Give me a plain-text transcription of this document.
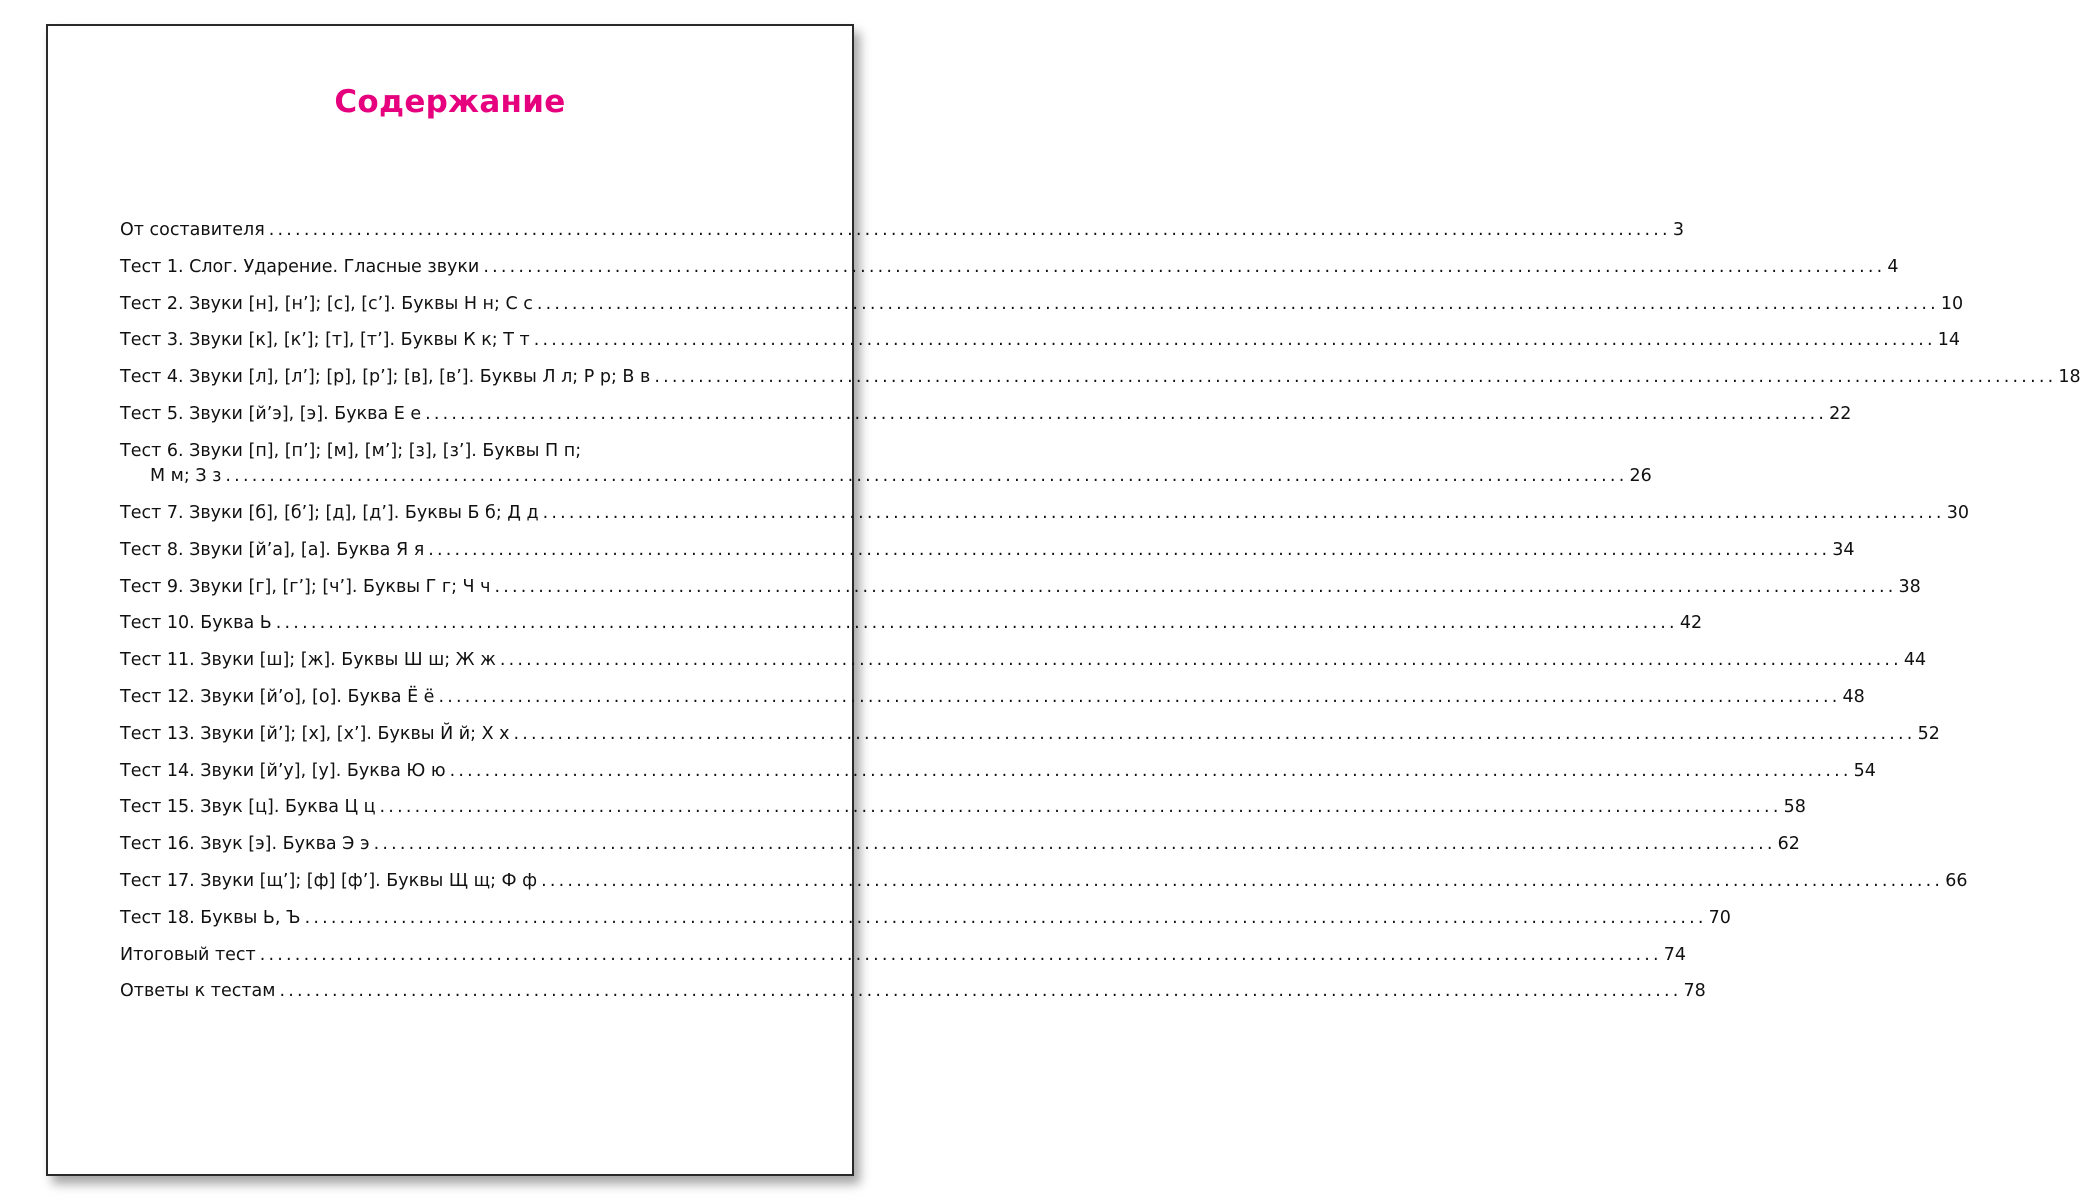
Содержание
От составителя ................................................................................................................................................................ 3
Тест 1. Слог. Ударение. Гласные звуки ................................................................................................................................................................ 4
Тест 2. Звуки [н], [н’]; [с], [с’]. Буквы Н н; С с ................................................................................................................................................................ 10
Тест 3. Звуки [к], [к’]; [т], [т’]. Буквы К к; Т т ................................................................................................................................................................ 14
Тест 4. Звуки [л], [л’]; [р], [р’]; [в], [в’]. Буквы Л л; Р р; В в ................................................................................................................................................................ 18
Тест 5. Звуки [й’э], [э]. Буква Е е ................................................................................................................................................................ 22
Тест 6. Звуки [п], [п’]; [м], [м’]; [з], [з’]. Буквы П п;
М м; З з ................................................................................................................................................................ 26
Тест 7. Звуки [б], [б’]; [д], [д’]. Буквы Б б; Д д ................................................................................................................................................................ 30
Тест 8. Звуки [й’а], [а]. Буква Я я ................................................................................................................................................................ 34
Тест 9. Звуки [г], [г’]; [ч’]. Буквы Г г; Ч ч ................................................................................................................................................................ 38
Тест 10. Буква Ь ................................................................................................................................................................ 42
Тест 11. Звуки [ш]; [ж]. Буквы Ш ш; Ж ж ................................................................................................................................................................ 44
Тест 12. Звуки [й’о], [о]. Буква Ё ё ................................................................................................................................................................ 48
Тест 13. Звуки [й’]; [х], [х’]. Буквы Й й; Х х ................................................................................................................................................................ 52
Тест 14. Звуки [й’у], [у]. Буква Ю ю ................................................................................................................................................................ 54
Тест 15. Звук [ц]. Буква Ц ц ................................................................................................................................................................ 58
Тест 16. Звук [э]. Буква Э э ................................................................................................................................................................ 62
Тест 17. Звуки [щ’]; [ф] [ф’]. Буквы Щ щ; Ф ф ................................................................................................................................................................ 66
Тест 18. Буквы Ь, Ъ ................................................................................................................................................................ 70
Итоговый тест ................................................................................................................................................................ 74
Ответы к тестам ................................................................................................................................................................ 78
